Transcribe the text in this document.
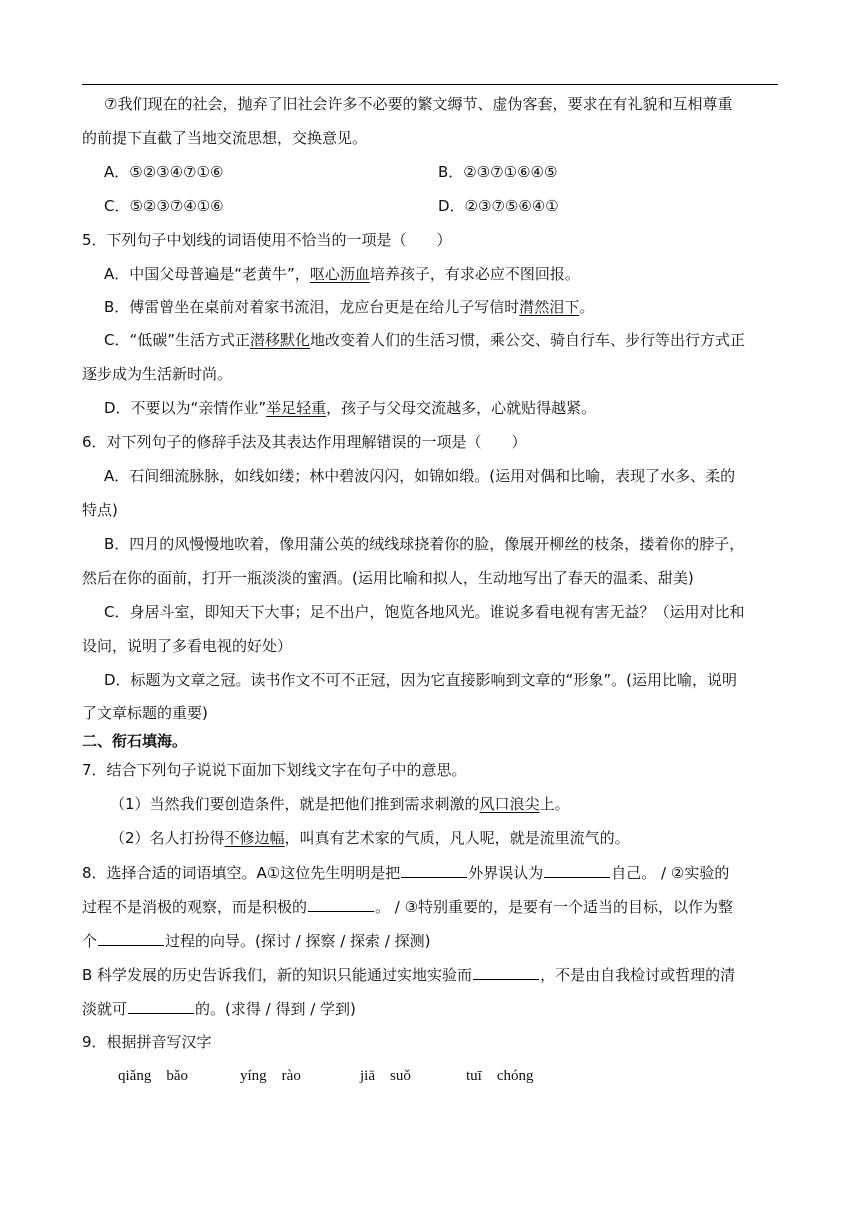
⑦我们现在的社会，抛弃了旧社会许多不必要的繁文缛节、虚伪客套，要求在有礼貌和互相尊重
的前提下直截了当地交流思想，交换意见。
A．⑤②③④⑦①⑥	B．②③⑦①⑥④⑤
C．⑤②③⑦④①⑥	D．②③⑦⑤⑥④①
5．下列句子中划线的词语使用不恰当的一项是（　　）
A．中国父母普遍是“老黄牛”，呕心沥血培养孩子，有求必应不图回报。
B．傅雷曾坐在桌前对着家书流泪，龙应台更是在给儿子写信时潸然泪下。
C．“低碳”生活方式正潜移默化地改变着人们的生活习惯，乘公交、骑自行车、步行等出行方式正
逐步成为生活新时尚。
D．不要以为“亲情作业”举足轻重，孩子与父母交流越多，心就贴得越紧。
6．对下列句子的修辞手法及其表达作用理解错误的一项是（　　）
A．石间细流脉脉，如线如缕；林中碧波闪闪，如锦如缎。(运用对偶和比喻，表现了水多、柔的
特点)
B．四月的风慢慢地吹着，像用蒲公英的绒线球挠着你的脸，像展开柳丝的枝条，搂着你的脖子，
然后在你的面前，打开一瓶淡淡的蜜酒。(运用比喻和拟人，生动地写出了春天的温柔、甜美)
C．身居斗室，即知天下大事；足不出户，饱览各地风光。谁说多看电视有害无益？（运用对比和
设问，说明了多看电视的好处）
D．标题为文章之冠。读书作文不可不正冠，因为它直接影响到文章的“形象”。(运用比喻，说明
了文章标题的重要)
二、衔石填海。
7．结合下列句子说说下面加下划线文字在句子中的意思。
（1）当然我们要创造条件，就是把他们推到需求刺激的风口浪尖上。
（2）名人打扮得不修边幅，叫真有艺术家的气质，凡人呢，就是流里流气的。
8．选择合适的词语填空。A①这位先生明明是把	外界误认为	自己。 / ②实验的
过程不是消极的观察，而是积极的	。 / ③特别重要的，是要有一个适当的目标，以作为整
个	过程的向导。(探讨 / 探察 / 探索 / 探测)
B 科学发展的历史告诉我们，新的知识只能通过实地实验而	，不是由自我检讨或哲理的清
淡就可	的。(求得 / 得到 / 学到)
9．根据拼音写汉字
qiǎng　bǎo	yíng　rào	jiā　suǒ	tuī　chóng
